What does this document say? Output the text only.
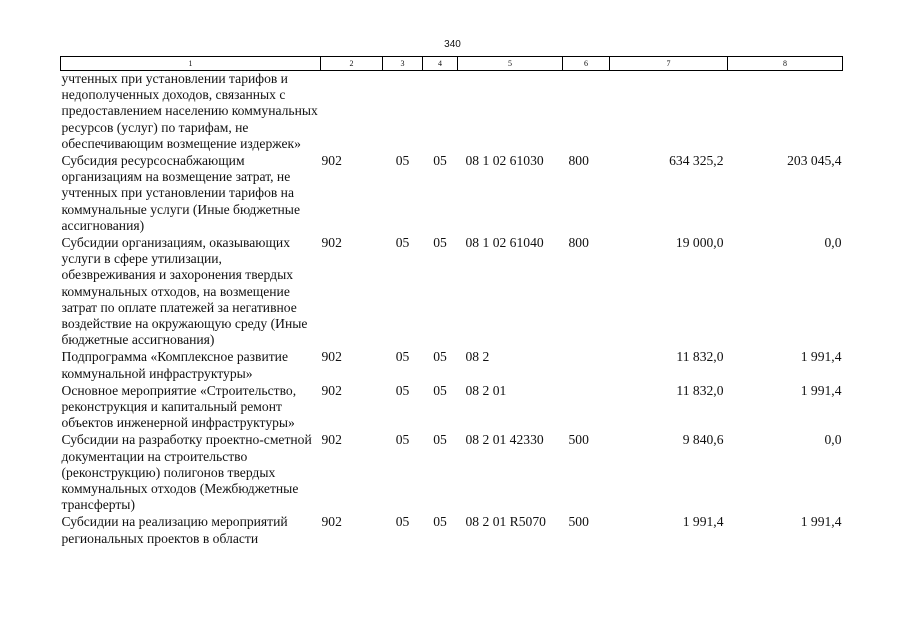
340
1	2	3	4	5	6	7	8
учтенных при установлении тарифов и недополученных доходов, связанных с предоставлением населению коммунальных ресурсов (услуг) по тарифам, не обеспечивающим возмещение издержек»							
Субсидия ресурсоснабжающим организациям на возмещение затрат, не учтенных при установлении тарифов на коммунальные услуги (Иные бюджетные ассигнования)	902	05	05	08 1 02 61030	800	634 325,2	203 045,4
Субсидии организациям, оказывающих услуги в сфере утилизации, обезвреживания и захоронения твердых коммунальных отходов, на возмещение затрат по оплате платежей за негативное воздействие на окружающую среду (Иные бюджетные ассигнования)	902	05	05	08 1 02 61040	800	19 000,0	0,0
Подпрограмма «Комплексное развитие коммунальной инфраструктуры»	902	05	05	08 2		11 832,0	1 991,4
Основное мероприятие «Строительство, реконструкция и капитальный ремонт объектов инженерной инфраструктуры»	902	05	05	08 2 01		11 832,0	1 991,4
Субсидии на разработку проектно-сметной документации на строительство (реконструкцию) полигонов твердых коммунальных отходов (Межбюджетные трансферты)	902	05	05	08 2 01 42330	500	9 840,6	0,0
Субсидии на реализацию мероприятий региональных проектов в области	902	05	05	08 2 01 R5070	500	1 991,4	1 991,4
